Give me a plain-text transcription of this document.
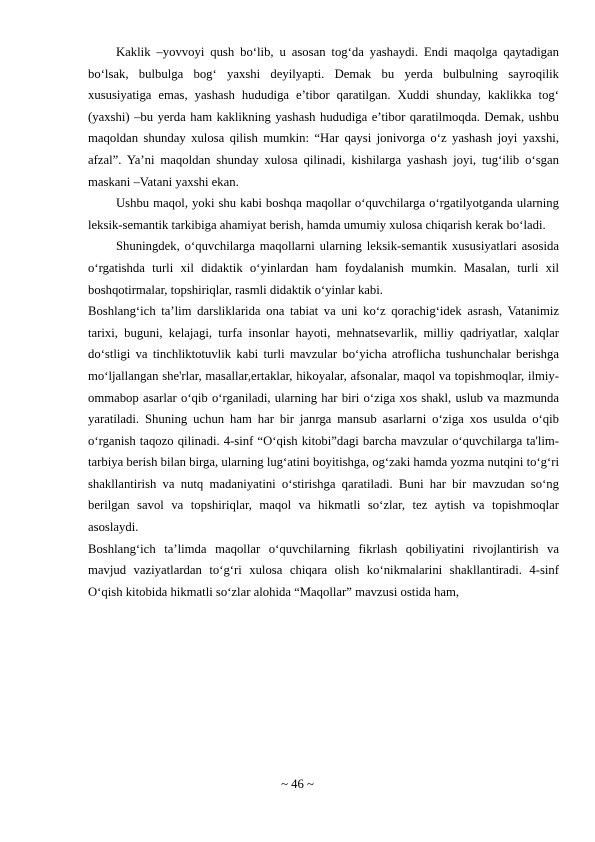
Kaklik –yovvoyi qush bo‘lib, u asosan tog‘da yashaydi. Endi maqolga qaytadigan bo‘lsak, bulbulga bog‘ yaxshi deyilyapti. Demak bu yerda bulbulning sayroqilik xususiyatiga emas, yashash hududiga e’tibor qaratilgan. Xuddi shunday, kaklikka tog‘ (yaxshi) –bu yerda ham kaklikning yashash hududiga e’tibor qaratilmoqda. Demak, ushbu maqoldan shunday xulosa qilish mumkin: “Har qaysi jonivorga o‘z yashash joyi yaxshi, afzal”. Ya’ni maqoldan shunday xulosa qilinadi, kishilarga yashash joyi, tug‘ilib o‘sgan maskani –Vatani yaxshi ekan.

Ushbu maqol, yoki shu kabi boshqa maqollar o‘quvchilarga o‘rgatilyotganda ularning leksik-semantik tarkibiga ahamiyat berish, hamda umumiy xulosa chiqarish kerak bo‘ladi.

Shuningdek, o‘quvchilarga maqollarni ularning leksik-semantik xususiyatlari asosida o‘rgatishda turli xil didaktik o‘yinlardan ham foydalanish mumkin. Masalan, turli xil boshqotirmalar, topshiriqlar, rasmli didaktik o‘yinlar kabi.

Boshlang‘ich ta’lim darsliklarida ona tabiat va uni ko‘z qorachig‘idek asrash, Vatanimiz tarixi, buguni, kelajagi, turfa insonlar hayoti, mehnatsevarlik, milliy qadriyatlar, xalqlar do‘stligi va tinchliktotuvlik kabi turli mavzular bo‘yicha atroflicha tushunchalar berishga mo‘ljallangan she'rlar, masallar,ertaklar, hikoyalar, afsonalar, maqol va topishmoqlar, ilmiy-ommabop asarlar o‘qib o‘rganiladi, ularning har biri o‘ziga xos shakl, uslub va mazmunda yaratiladi. Shuning uchun ham har bir janrga mansub asarlarni o‘ziga xos usulda o‘qib o‘rganish taqozo qilinadi. 4-sinf “O‘qish kitobi”dagi barcha mavzular o‘quvchilarga ta'lim-tarbiya berish bilan birga, ularning lug‘atini boyitishga, og‘zaki hamda yozma nutqini to‘g‘ri shakllantirish va nutq madaniyatini o‘stirishga qaratiladi. Buni har bir mavzudan so‘ng berilgan savol va topshiriqlar, maqol va hikmatli so‘zlar, tez aytish va topishmoqlar asoslaydi.

Boshlang‘ich ta’limda maqollar o‘quvchilarning fikrlash qobiliyatini rivojlantirish va mavjud vaziyatlardan to‘g‘ri xulosa chiqara olish ko‘nikmalarini shakllantiradi. 4-sinf O‘qish kitobida hikmatli so‘zlar alohida “Maqollar” mavzusi ostida ham,

~ 46 ~
